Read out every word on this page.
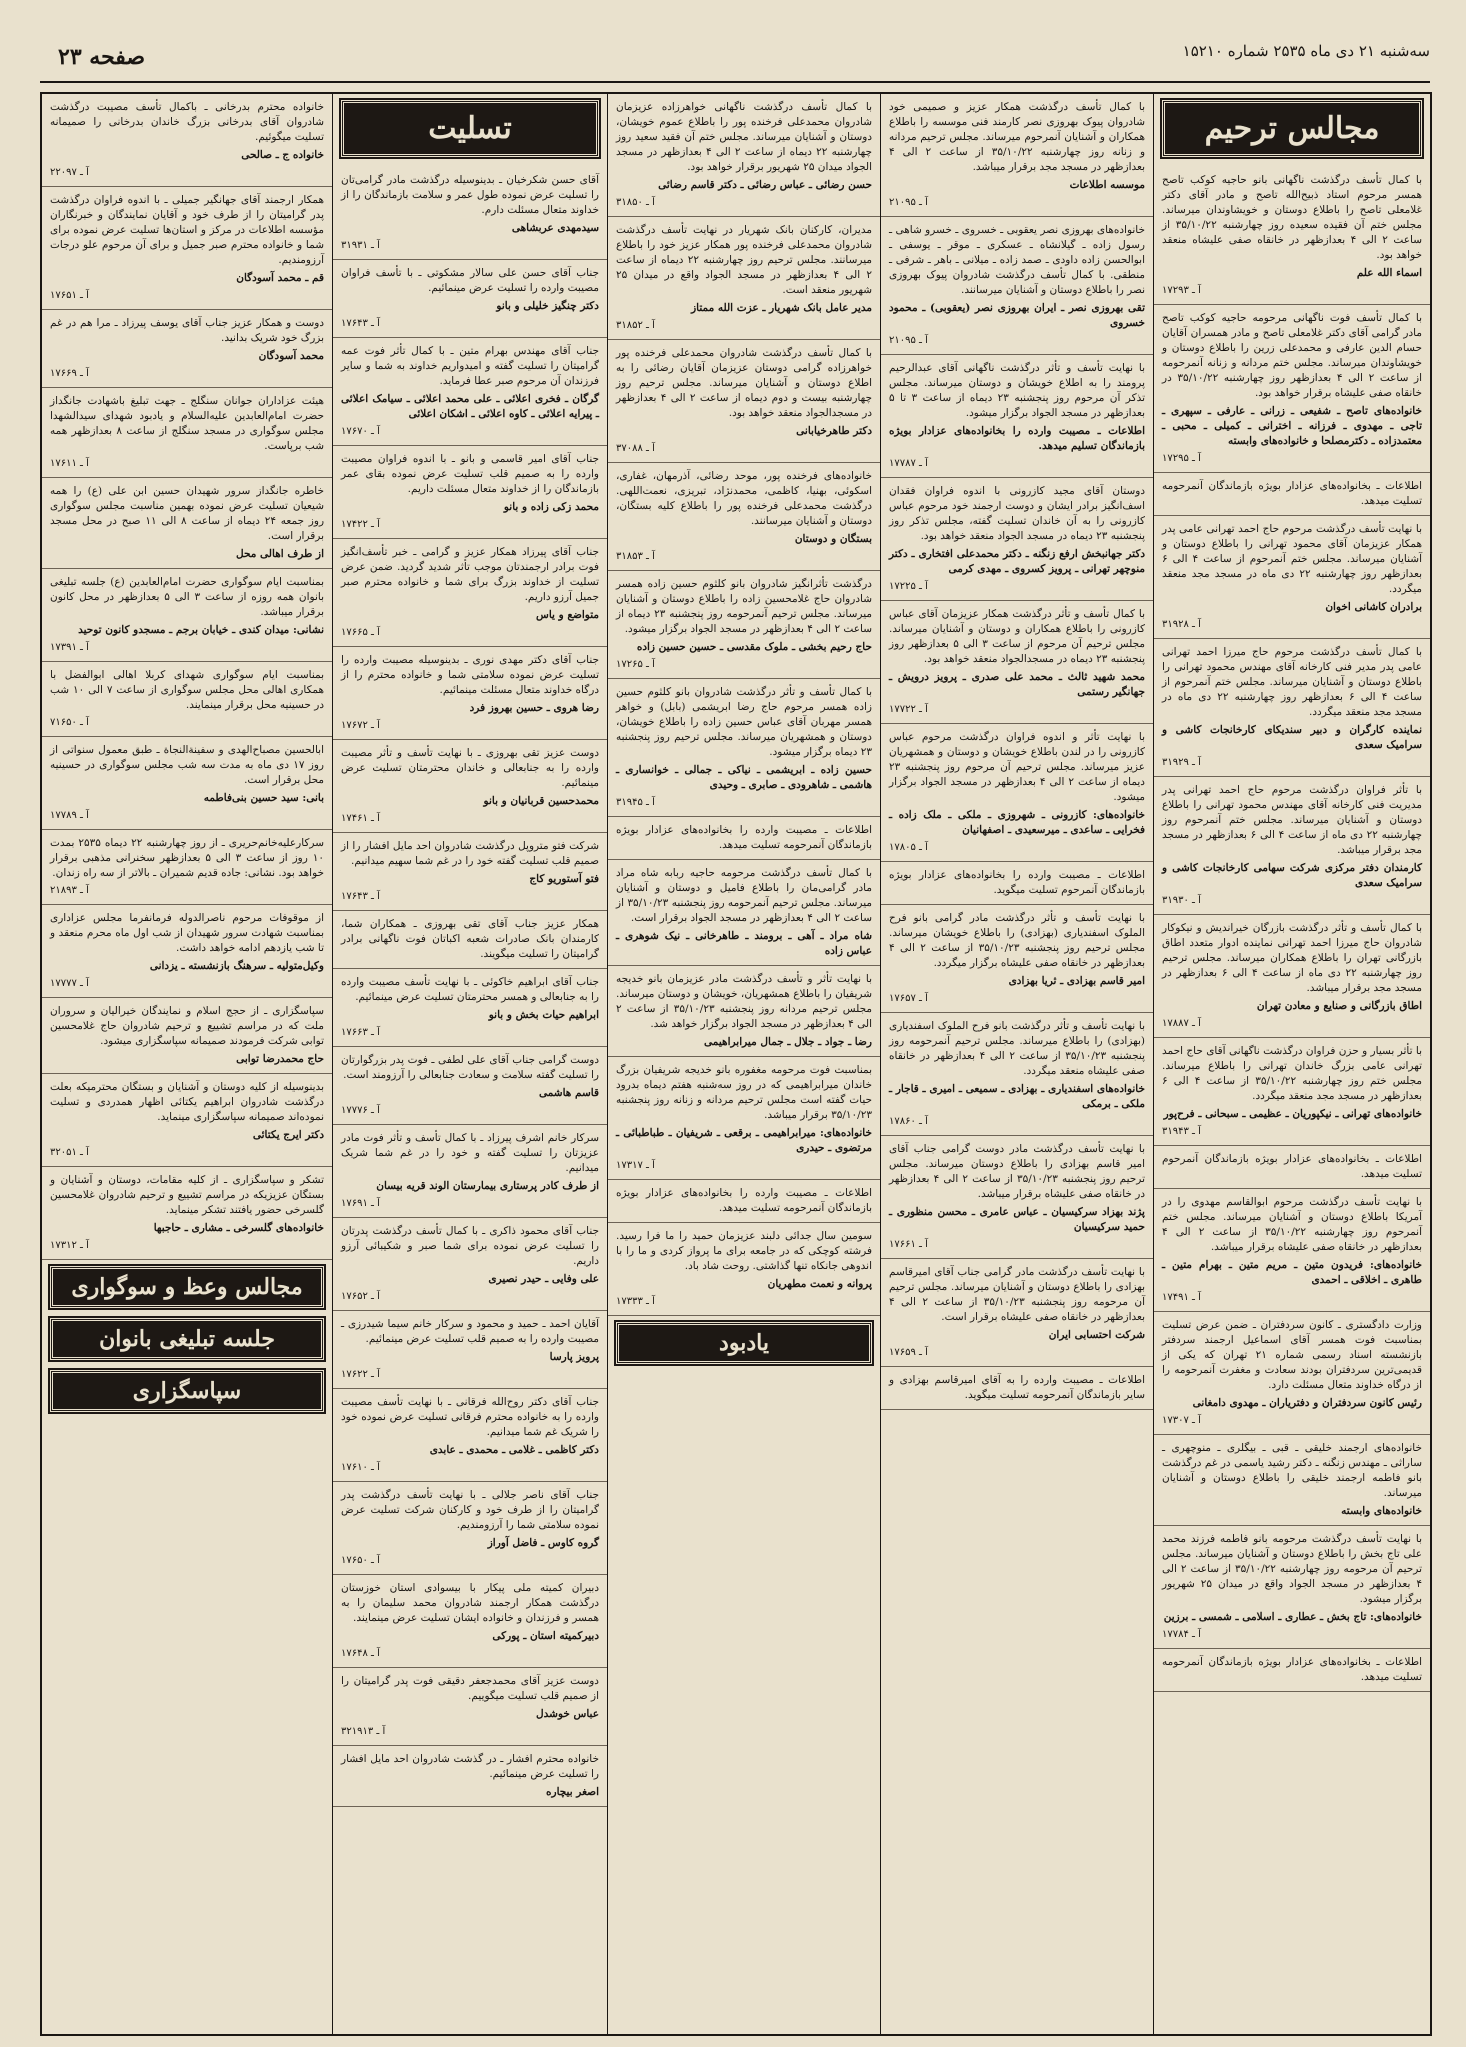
سه‌شنبه ۲۱ دی ماه ۲۵۳۵ شماره ۱۵۲۱۰
صفحه ۲۳
مجالس ترحیم
با کمال تأسف درگذشت ناگهانی بانو حاجیه کوکب تاصح همسر مرحوم استاد ذبیح‌الله تاصح و مادر آقای دکتر غلامعلی تاصح را باطلاع دوستان و خویشاوندان میرساند. مجلس ختم آن فقیده سعیده روز چهارشنبه ۳۵/۱۰/۲۲ از ساعت ۲ الی ۴ بعدازظهر در خانقاه صفی علیشاه منعقد خواهد بود.
اسماء الله علم
آ ـ ۱۷۲۹۳
با کمال تأسف فوت ناگهانی مرحومه حاجیه کوکب تاصح مادر گرامی آقای دکتر غلامعلی تاصح و مادر همسران آقایان حسام الدین عارفی و محمدعلی زرین را باطلاع دوستان و خویشاوندان میرساند. مجلس ختم مردانه و زنانه آنمرحومه از ساعت ۲ الی ۴ بعدازظهر روز چهارشنبه ۳۵/۱۰/۲۲ در خانقاه صفی علیشاه برقرار خواهد بود.
خانواده‌های تاصح ـ شفیعی ـ زرانی ـ عارفی ـ سپهری ـ تاجی ـ مهدوی ـ فرزانه ـ اخترانی ـ کمیلی ـ محبی ـ معتمدزاده ـ دکترمصلحا و خانواده‌های وابسته
آ ـ ۱۷۲۹۵
اطلاعات ـ بخانواده‌های عزادار بویژه بازماندگان آنمرحومه تسلیت میدهد.
با نهایت تأسف درگذشت مرحوم حاج احمد تهرانی عامی پدر همکار عزیزمان آقای محمود تهرانی را باطلاع دوستان و آشنایان میرساند. مجلس ختم آنمرحوم از ساعت ۴ الی ۶ بعدازظهر روز چهارشنبه ۲۲ دی ماه در مسجد مجد منعقد میگردد.
برادران کاشانی اخوان
آ ـ ۳۱۹۲۸
با کمال تأسف درگذشت مرحوم حاج میرزا احمد تهرانی عامی پدر مدیر فنی کارخانه آقای مهندس محمود تهرانی را باطلاع دوستان و آشنایان میرساند. مجلس ختم آنمرحوم از ساعت ۴ الی ۶ بعدازظهر روز چهارشنبه ۲۲ دی ماه در مسجد مجد منعقد میگردد.
نماینده کارگران و دبیر سندیکای کارخانجات کاشی و سرامیک سعدی
آ ـ ۳۱۹۲۹
با تأثر فراوان درگذشت مرحوم حاج احمد تهرانی پدر مدیریت فنی کارخانه آقای مهندس محمود تهرانی را باطلاع دوستان و آشنایان میرساند. مجلس ختم آنمرحوم روز چهارشنبه ۲۲ دی ماه از ساعت ۴ الی ۶ بعدازظهر در مسجد مجد برقرار میباشد.
کارمندان دفتر مرکزی شرکت سهامی کارخانجات کاشی و سرامیک سعدی
آ ـ ۳۱۹۳۰
با کمال تأسف و تأثر درگذشت بازرگان خیراندیش و نیکوکار شادروان حاج میرزا احمد تهرانی نماینده ادوار متعدد اطاق بازرگانی تهران را باطلاع همکاران میرساند. مجلس ترحیم روز چهارشنبه ۲۲ دی ماه از ساعت ۴ الی ۶ بعدازظهر در مسجد مجد برقرار میباشد.
اطاق بازرگانی و صنایع و معادن تهران
آ ـ ۱۷۸۸۷
با تأثر بسیار و حزن فراوان درگذشت ناگهانی آقای حاج احمد تهرانی عامی بزرگ خاندان تهرانی را باطلاع میرساند. مجلس ختم روز چهارشنبه ۳۵/۱۰/۲۲ از ساعت ۴ الی ۶ بعدازظهر در مسجد مجد منعقد میگردد.
خانواده‌های تهرانی ـ نیکپوریان ـ عظیمی ـ سبحانی ـ فرح‌پور
آ ـ ۳۱۹۴۳
اطلاعات ـ بخانواده‌های عزادار بویژه بازماندگان آنمرحوم تسلیت میدهد.
با نهایت تأسف درگذشت مرحوم ابوالقاسم مهدوی را در آمریکا باطلاع دوستان و آشنایان میرساند. مجلس ختم آنمرحوم روز چهارشنبه ۳۵/۱۰/۲۲ از ساعت ۲ الی ۴ بعدازظهر در خانقاه صفی علیشاه برقرار میباشد.
خانواده‌های: فریدون متین ـ مریم متین ـ بهرام متین ـ طاهری ـ اخلاقی ـ احمدی
آ ـ ۱۷۴۹۱
وزارت دادگستری ـ کانون سردفتران ـ ضمن عرض تسلیت بمناسبت فوت همسر آقای اسماعیل ارجمند سردفتر بازنشسته اسناد رسمی شماره ۲۱ تهران که یکی از قدیمی‌ترین سردفتران بودند سعادت و مغفرت آنمرحومه را از درگاه خداوند متعال مسئلت دارد.
رئیس کانون سردفتران و دفتریاران ـ مهدوی دامغانی
آ ـ ۱۷۳۰۷
خانواده‌های ارجمند خلیقی ـ قبی ـ بیگلری ـ منوچهری ـ ساراثی ـ مهندس زنگنه ـ دکتر رشید یاسمی در غم درگذشت بانو فاطمه ارجمند خلیقی را باطلاع دوستان و آشنایان میرساند.
خانواده‌های وابسته
با نهایت تأسف درگذشت مرحومه بانو فاطمه فرزند محمد علی تاج بخش را باطلاع دوستان و آشنایان میرساند. مجلس ترحیم آن مرحومه روز چهارشنبه ۳۵/۱۰/۲۲ از ساعت ۲ الی ۴ بعدازظهر در مسجد الجواد واقع در میدان ۲۵ شهریور برگزار میشود.
خانواده‌های: تاج بخش ـ عطاری ـ اسلامی ـ شمسی ـ برزین
آ ـ ۱۷۷۸۴
اطلاعات ـ بخانواده‌های عزادار بویژه بازماندگان آنمرحومه تسلیت میدهد.
با کمال تأسف درگذشت همکار عزیز و صمیمی خود شادروان پیوک بهروزی نصر کارمند فنی موسسه را باطلاع همکاران و آشنایان آنمرحوم میرساند. مجلس ترحیم مردانه و زنانه روز چهارشنبه ۳۵/۱۰/۲۲ از ساعت ۲ الی ۴ بعدازظهر در مسجد مجد برقرار میباشد.
موسسه اطلاعات
آ ـ ۲۱۰۹۵
خانواده‌های بهروزی نصر یعقوبی ـ خسروی ـ خسرو شاهی ـ رسول زاده ـ گیلانشاه ـ عسکری ـ موقر ـ یوسفی ـ ابوالحسن زاده داودی ـ صمد زاده ـ میلانی ـ باهر ـ شرفی ـ منطقی. با کمال تأسف درگذشت شادروان پیوک بهروزی نصر را باطلاع دوستان و آشنایان میرسانند.
تقی بهروزی نصر ـ ایران بهروزی نصر (یعقوبی) ـ محمود خسروی
آ ـ ۲۱۰۹۵
با نهایت تأسف و تأثر درگذشت ناگهانی آقای عبدالرحیم پرومند را به اطلاع خویشان و دوستان میرساند. مجلس تذکر آن مرحوم روز پنجشنبه ۲۳ دیماه از ساعت ۳ تا ۵ بعدازظهر در مسجد الجواد برگزار میشود.
اطلاعات ـ مصیبت وارده را بخانواده‌های عزادار بویژه بازماندگان تسلیم میدهد.
آ ـ ۱۷۷۸۷
دوستان آقای مجید کازرونی با اندوه فراوان فقدان اسف‌انگیز برادر ایشان و دوست ارجمند خود مرحوم عباس کازرونی را به آن خاندان تسلیت گفته، مجلس تذکر روز پنجشنبه ۲۳ دیماه در مسجد الجواد منعقد خواهد بود.
دکتر جهانبخش ارفع زنگنه ـ دکتر محمدعلی افتخاری ـ دکتر منوچهر تهرانی ـ پرویز کسروی ـ مهدی کرمی
آ ـ ۱۷۲۲۵
با کمال تأسف و تأثر درگذشت همکار عزیزمان آقای عباس کازرونی را باطلاع همکاران و دوستان و آشنایان میرساند. مجلس ترحیم آن مرحوم از ساعت ۳ الی ۵ بعدازظهر روز پنجشنبه ۲۳ دیماه در مسجدالجواد منعقد خواهد بود.
محمد شهید ثالث ـ محمد علی صدری ـ پرویز درویش ـ جهانگیر رستمی
آ ـ ۱۷۷۲۲
با نهایت تأثر و اندوه فراوان درگذشت مرحوم عباس کازرونی را در لندن باطلاع خویشان و دوستان و همشهریان عزیز میرساند. مجلس ترحیم آن مرحوم روز پنجشنبه ۲۳ دیماه از ساعت ۲ الی ۴ بعدازظهر در مسجد الجواد برگزار میشود.
خانواده‌های: کازرونی ـ شهروزی ـ ملکی ـ ملک زاده ـ فخرایی ـ ساعدی ـ میرسعیدی ـ اصفهانیان
آ ـ ۱۷۸۰۵
اطلاعات ـ مصیبت وارده را بخانواده‌های عزادار بویژه بازماندگان آنمرحوم تسلیت میگوید.
با نهایت تأسف و تأثر درگذشت مادر گرامی بانو فرح الملوک اسفندیاری (بهزادی) را باطلاع خویشان میرساند. مجلس ترحیم روز پنجشنبه ۳۵/۱۰/۲۳ از ساعت ۲ الی ۴ بعدازظهر در خانقاه صفی علیشاه برگزار میگردد.
امیر قاسم بهزادی ـ ثریا بهزادی
آ ـ ۱۷۶۵۷
با نهایت تأسف و تأثر درگذشت بانو فرح الملوک اسفندیاری (بهزادی) را باطلاع میرساند. مجلس ترحیم آنمرحومه روز پنجشنبه ۳۵/۱۰/۲۳ از ساعت ۲ الی ۴ بعدازظهر در خانقاه صفی علیشاه منعقد میگردد.
خانواده‌های اسفندیاری ـ بهزادی ـ سمیعی ـ امیری ـ قاجار ـ ملکی ـ برمکی
آ ـ ۱۷۸۶۰
با نهایت تأسف درگذشت مادر دوست گرامی جناب آقای امیر قاسم بهزادی را باطلاع دوستان میرساند. مجلس ترحیم روز پنجشنبه ۳۵/۱۰/۲۳ از ساعت ۲ الی ۴ بعدازظهر در خانقاه صفی علیشاه برقرار میباشد.
پژند بهزاد سرکیسیان ـ عباس عامری ـ محسن منظوری ـ حمید سرکیسیان
آ ـ ۱۷۶۶۱
با نهایت تأسف درگذشت مادر گرامی جناب آقای امیرقاسم بهزادی را باطلاع دوستان و آشنایان میرساند. مجلس ترحیم آن مرحومه روز پنجشنبه ۳۵/۱۰/۲۳ از ساعت ۲ الی ۴ بعدازظهر در خانقاه صفی علیشاه برقرار است.
شرکت احتسابی ایران
آ ـ ۱۷۶۵۹
اطلاعات ـ مصیبت وارده را به آقای امیرقاسم بهزادی و سایر بازماندگان آنمرحومه تسلیت میگوید.
با کمال تأسف درگذشت ناگهانی خواهرزاده عزیزمان شادروان محمدعلی فرخنده پور را باطلاع عموم خویشان، دوستان و آشنایان میرساند. مجلس ختم آن فقید سعید روز چهارشنبه ۲۲ دیماه از ساعت ۲ الی ۴ بعدازظهر در مسجد الجواد میدان ۲۵ شهریور برقرار خواهد بود.
حسن رضائی ـ عباس رضائی ـ دکتر قاسم رضائی
آ ـ ۳۱۸۵۰
مدیران، کارکنان بانک شهریار در نهایت تأسف درگذشت شادروان محمدعلی فرخنده پور همکار عزیز خود را باطلاع میرسانند. مجلس ترحیم روز چهارشنبه ۲۲ دیماه از ساعت ۲ الی ۴ بعدازظهر در مسجد الجواد واقع در میدان ۲۵ شهریور منعقد است.
مدیر عامل بانک شهریار ـ عزت الله ممتاز
آ ـ ۳۱۸۵۲
با کمال تأسف درگذشت شادروان محمدعلی فرخنده پور خواهرزاده گرامی دوستان عزیزمان آقایان رضائی را به اطلاع دوستان و آشنایان میرساند. مجلس ترحیم روز چهارشنبه بیست و دوم دیماه از ساعت ۲ الی ۴ بعدازظهر در مسجدالجواد منعقد خواهد بود.
دکتر طاهرخیابانی
آ ـ ۳۷۰۸۸
خانواده‌های فرخنده پور، موحد رضائی، آذرمهان، غفاری، اسکوئی، بهنیا، کاظمی، محمدنژاد، تبریزی، نعمت‌اللهی. درگذشت محمدعلی فرخنده پور را باطلاع کلیه بستگان، دوستان و آشنایان میرسانند.
بستگان و دوستان
آ ـ ۳۱۸۵۳
درگذشت تأثرانگیز شادروان بانو کلثوم حسین زاده همسر شادروان حاج غلامحسین زاده را باطلاع دوستان و آشنایان میرساند. مجلس ترحیم آنمرحومه روز پنجشنبه ۲۳ دیماه از ساعت ۲ الی ۴ بعدازظهر در مسجد الجواد برگزار میشود.
حاج رحیم بخشی ـ ملوک مقدسی ـ حسین حسین زاده
آ ـ ۱۷۲۶۵
با کمال تأسف و تأثر درگذشت شادروان بانو کلثوم حسین زاده همسر مرحوم حاج رضا ابریشمی (بابل) و خواهر همسر مهربان آقای عباس حسین زاده را باطلاع خویشان، دوستان و همشهریان میرساند. مجلس ترحیم روز پنجشنبه ۲۳ دیماه برگزار میشود.
حسین زاده ـ ابریشمی ـ نیاکی ـ جمالی ـ خوانساری ـ هاشمی ـ شاهرودی ـ صابری ـ وحیدی
آ ـ ۳۱۹۴۵
اطلاعات ـ مصیبت وارده را بخانواده‌های عزادار بویژه بازماندگان آنمرحومه تسلیت میدهد.
با کمال تأسف درگذشت مرحومه حاجیه ربابه شاه مراد مادر گرامی‌مان را باطلاع فامیل و دوستان و آشنایان میرساند. مجلس ترحیم آنمرحومه روز پنجشنبه ۳۵/۱۰/۲۳ از ساعت ۲ الی ۴ بعدازظهر در مسجد الجواد برقرار است.
شاه مراد ـ آهی ـ برومند ـ طاهرخانی ـ نیک شوهری ـ عباس زاده
با نهایت تأثر و تأسف درگذشت مادر عزیزمان بانو خدیجه شریفیان را باطلاع همشهریان، خویشان و دوستان میرساند. مجلس ترحیم مردانه روز پنجشنبه ۳۵/۱۰/۲۳ از ساعت ۲ الی ۴ بعدازظهر در مسجد الجواد برگزار خواهد شد.
رضا ـ جواد ـ جلال ـ جمال میرابراهیمی
بمناسبت فوت مرحومه مغفوره بانو خدیجه شریفیان بزرگ خاندان میرابراهیمی که در روز سه‌شنبه هفتم دیماه بدرود حیات گفته است مجلس ترحیم مردانه و زنانه روز پنجشنبه ۳۵/۱۰/۲۳ برقرار میباشد.
خانواده‌های: میرابراهیمی ـ برقعی ـ شریفیان ـ طباطبائی ـ مرتضوی ـ حیدری
آ ـ ۱۷۳۱۷
اطلاعات ـ مصیبت وارده را بخانواده‌های عزادار بویژه بازماندگان آنمرحومه تسلیت میدهد.
سومین سال جدائی دلبند عزیزمان حمید را ما فرا رسید. فرشته کوچکی که در جامعه برای ما پرواز کردی و ما را با اندوهی جانکاه تنها گذاشتی. روحت شاد باد.
پروانه و نعمت مطهریان
آ ـ ۱۷۳۳۳
یادبود
تسلیت
آقای حسن شکرخیان ـ بدینوسیله درگذشت مادر گرامی‌تان را تسلیت عرض نموده طول عمر و سلامت بازماندگان را از خداوند متعال مسئلت دارم.
سیدمهدی عربشاهی
آ ـ ۳۱۹۳۱
جناب آقای حسن علی سالار مشکوتی ـ با تأسف فراوان مصیبت وارده را تسلیت عرض مینمائیم.
دکتر چنگیز خلیلی و بانو
آ ـ ۱۷۶۴۳
جناب آقای مهندس بهرام متین ـ با کمال تأثر فوت عمه گرامیتان را تسلیت گفته و امیدواریم خداوند به شما و سایر فرزندان آن مرحوم صبر عطا فرماید.
گرگان ـ فخری اعلائی ـ علی محمد اعلائی ـ سیامک اعلائی ـ پیرایه اعلائی ـ کاوه اعلائی ـ اشکان اعلائی
آ ـ ۱۷۶۷۰
جناب آقای امیر قاسمی و بانو ـ با اندوه فراوان مصیبت وارده را به صمیم قلب تسلیت عرض نموده بقای عمر بازماندگان را از خداوند متعال مسئلت داریم.
محمد زکی زاده و بانو
آ ـ ۱۷۴۲۲
جناب آقای پیرزاد همکار عزیز و گرامی ـ خبر تأسف‌انگیز فوت برادر ارجمندتان موجب تأثر شدید گردید. ضمن عرض تسلیت از خداوند بزرگ برای شما و خانواده محترم صبر جمیل آرزو داریم.
متواضع و یاس
آ ـ ۱۷۶۶۵
جناب آقای دکتر مهدی نوری ـ بدینوسیله مصیبت وارده را تسلیت عرض نموده سلامتی شما و خانواده محترم را از درگاه خداوند متعال مسئلت مینمائیم.
رضا هروی ـ حسین بهروز فرد
آ ـ ۱۷۶۷۲
دوست عزیز تقی بهروزی ـ با نهایت تأسف و تأثر مصیبت وارده را به جنابعالی و خاندان محترمتان تسلیت عرض مینمائیم.
محمدحسین قربانیان و بانو
آ ـ ۱۷۴۶۱
شرکت فتو متروپل درگذشت شادروان احد مایل افشار را از صمیم قلب تسلیت گفته خود را در غم شما سهیم میدانیم.
فتو آستوریو کاج
آ ـ ۱۷۶۴۳
همکار عزیز جناب آقای تقی بهروزی ـ همکاران شما، کارمندان بانک صادرات شعبه اکباتان فوت ناگهانی برادر گرامیتان را تسلیت میگویند.
جناب آقای ابراهیم خاکوئی ـ با نهایت تأسف مصیبت وارده را به جنابعالی و همسر محترمتان تسلیت عرض مینمائیم.
ابراهیم حیات بخش و بانو
آ ـ ۱۷۶۶۳
دوست گرامی جناب آقای علی لطفی ـ فوت پدر بزرگوارتان را تسلیت گفته سلامت و سعادت جنابعالی را آرزومند است.
قاسم هاشمی
آ ـ ۱۷۷۷۶
سرکار خانم اشرف پیرزاد ـ با کمال تأسف و تأثر فوت مادر عزیزتان را تسلیت گفته و خود را در غم شما شریک میدانیم.
از طرف کادر پرستاری بیمارستان الوند قریه بیسان
آ ـ ۱۷۶۹۱
جناب آقای محمود ذاکری ـ با کمال تأسف درگذشت پدرتان را تسلیت عرض نموده برای شما صبر و شکیبائی آرزو داریم.
علی وفایی ـ حیدر نصیری
آ ـ ۱۷۶۵۲
آقایان احمد ـ حمید و محمود و سرکار خانم سیما شیدرزی ـ مصیبت وارده را به صمیم قلب تسلیت عرض مینمائیم.
پرویز پارسا
آ ـ ۱۷۶۲۲
جناب آقای دکتر روح‌الله فرقانی ـ با نهایت تأسف مصیبت وارده را به خانواده محترم فرقانی تسلیت عرض نموده خود را شریک غم شما میدانیم.
دکتر کاظمی ـ غلامی ـ محمدی ـ عابدی
آ ـ ۱۷۶۱۰
جناب آقای ناصر جلالی ـ با نهایت تأسف درگذشت پدر گرامیتان را از طرف خود و کارکنان شرکت تسلیت عرض نموده سلامتی شما را آرزومندیم.
گروه کاوس ـ فاضل آوراز
آ ـ ۱۷۶۵۰
دبیران کمیته ملی پیکار با بیسوادی استان خوزستان درگذشت همکار ارجمند شادروان محمد سلیمان را به همسر و فرزندان و خانواده ایشان تسلیت عرض مینمایند.
دبیرکمیته استان ـ پورکی
آ ـ ۱۷۶۴۸
دوست عزیز آقای محمدجعفر دقیقی فوت پدر گرامیتان را از صمیم قلب تسلیت میگوییم.
عباس خوشدل
آ ـ ۳۲۱۹۱۳
خانواده محترم افشار ـ در گذشت شادروان احد مایل افشار را تسلیت عرض مینمائیم.
اصغر بیچاره
خانواده محترم بدرخانی ـ باکمال تأسف مصیبت درگذشت شادروان آقای بدرخانی بزرگ خاندان بدرخانی را صمیمانه تسلیت میگوئیم.
خانواده ج ـ صالحی
آ ـ ۲۲۰۹۷
همکار ارجمند آقای جهانگیر جمیلی ـ با اندوه فراوان درگذشت پدر گرامیتان را از طرف خود و آقایان نمایندگان و خبرنگاران مؤسسه اطلاعات در مرکز و استان‌ها تسلیت عرض نموده برای شما و خانواده محترم صبر جمیل و برای آن مرحوم علو درجات آرزومندیم.
قم ـ محمد آسودگان
آ ـ ۱۷۶۵۱
دوست و همکار عزیز جناب آقای یوسف پیرزاد ـ مرا هم در غم بزرگ خود شریک بدانید.
محمد آسودگان
آ ـ ۱۷۶۶۹
هیئت عزاداران جوانان سنگلج ـ جهت تبلیغ باشهادت جانگداز حضرت امام‌العابدین علیه‌السلام و یادبود شهدای سیدالشهدا مجلس سوگواری در مسجد سنگلج از ساعت ۸ بعدازظهر همه شب برپاست.
آ ـ ۱۷۶۱۱
خاطره جانگداز سرور شهیدان حسین ابن علی (ع) را همه شیعیان تسلیت عرض نموده بهمین مناسبت مجلس سوگواری روز جمعه ۲۴ دیماه از ساعت ۸ الی ۱۱ صبح در محل مسجد برقرار است.
از طرف اهالی محل
بمناسبت ایام سوگواری حضرت امام‌العابدین (ع) جلسه تبلیغی بانوان همه روزه از ساعت ۳ الی ۵ بعدازظهر در محل کانون برقرار میباشد.
نشانی: میدان کندی ـ خیابان برجم ـ مسجدو کانون توحید
آ ـ ۱۷۳۹۱
بمناسبت ایام سوگواری شهدای کربلا اهالی ابوالفضل با همکاری اهالی محل مجلس سوگواری از ساعت ۷ الی ۱۰ شب در حسینیه محل برقرار مینمایند.
آ ـ ۷۱۶۵۰
ابالحسین مصباح‌الهدی و سفینة‌النجاة ـ طبق معمول سنواتی از روز ۱۷ دی ماه به مدت سه شب مجلس سوگواری در حسینیه محل برقرار است.
بانی: سید حسین بنی‌فاطمه
آ ـ ۱۷۷۸۹
سرکارعلیه‌خانم‌حریری ـ از روز چهارشنبه ۲۲ دیماه ۲۵۳۵ بمدت ۱۰ روز از ساعت ۳ الی ۵ بعدازظهر سخنرانی مذهبی برقرار خواهد بود. نشانی: جاده قدیم شمیران ـ بالاتر از سه راه زندان.
آ ـ ۲۱۸۹۳
از موقوفات مرحوم ناصرالدوله فرمانفرما مجلس عزاداری بمناسبت شهادت سرور شهیدان از شب اول ماه محرم منعقد و تا شب یازدهم ادامه خواهد داشت.
وکیل‌متولیه ـ سرهنگ بازنشسته ـ یزدانی
آ ـ ۱۷۷۷۷
سپاسگزاری ـ از حجج اسلام و نمایندگان خیرالیان و سروران ملت که در مراسم تشییع و ترحیم شادروان حاج غلامحسین توابی شرکت فرمودند صمیمانه سپاسگزاری میشود.
حاج محمدرضا توابی
بدینوسیله از کلیه دوستان و آشنایان و بستگان محترمیکه بعلت درگذشت شادروان ابراهیم یکتائی اظهار همدردی و تسلیت نموده‌اند صمیمانه سپاسگزاری مینماید.
دکتر ایرج یکتائی
آ ـ ۳۲۰۵۱
تشکر و سپاسگزاری ـ از کلیه مقامات، دوستان و آشنایان و بستگان عزیزیکه در مراسم تشییع و ترحیم شادروان غلامحسین گلسرخی حضور یافتند تشکر مینماید.
خانواده‌های گلسرخی ـ مشاری ـ حاجبها
آ ـ ۱۷۳۱۲
مجالس وعظ و سوگواری
جلسه تبلیغی بانوان
سپاسگزاری
